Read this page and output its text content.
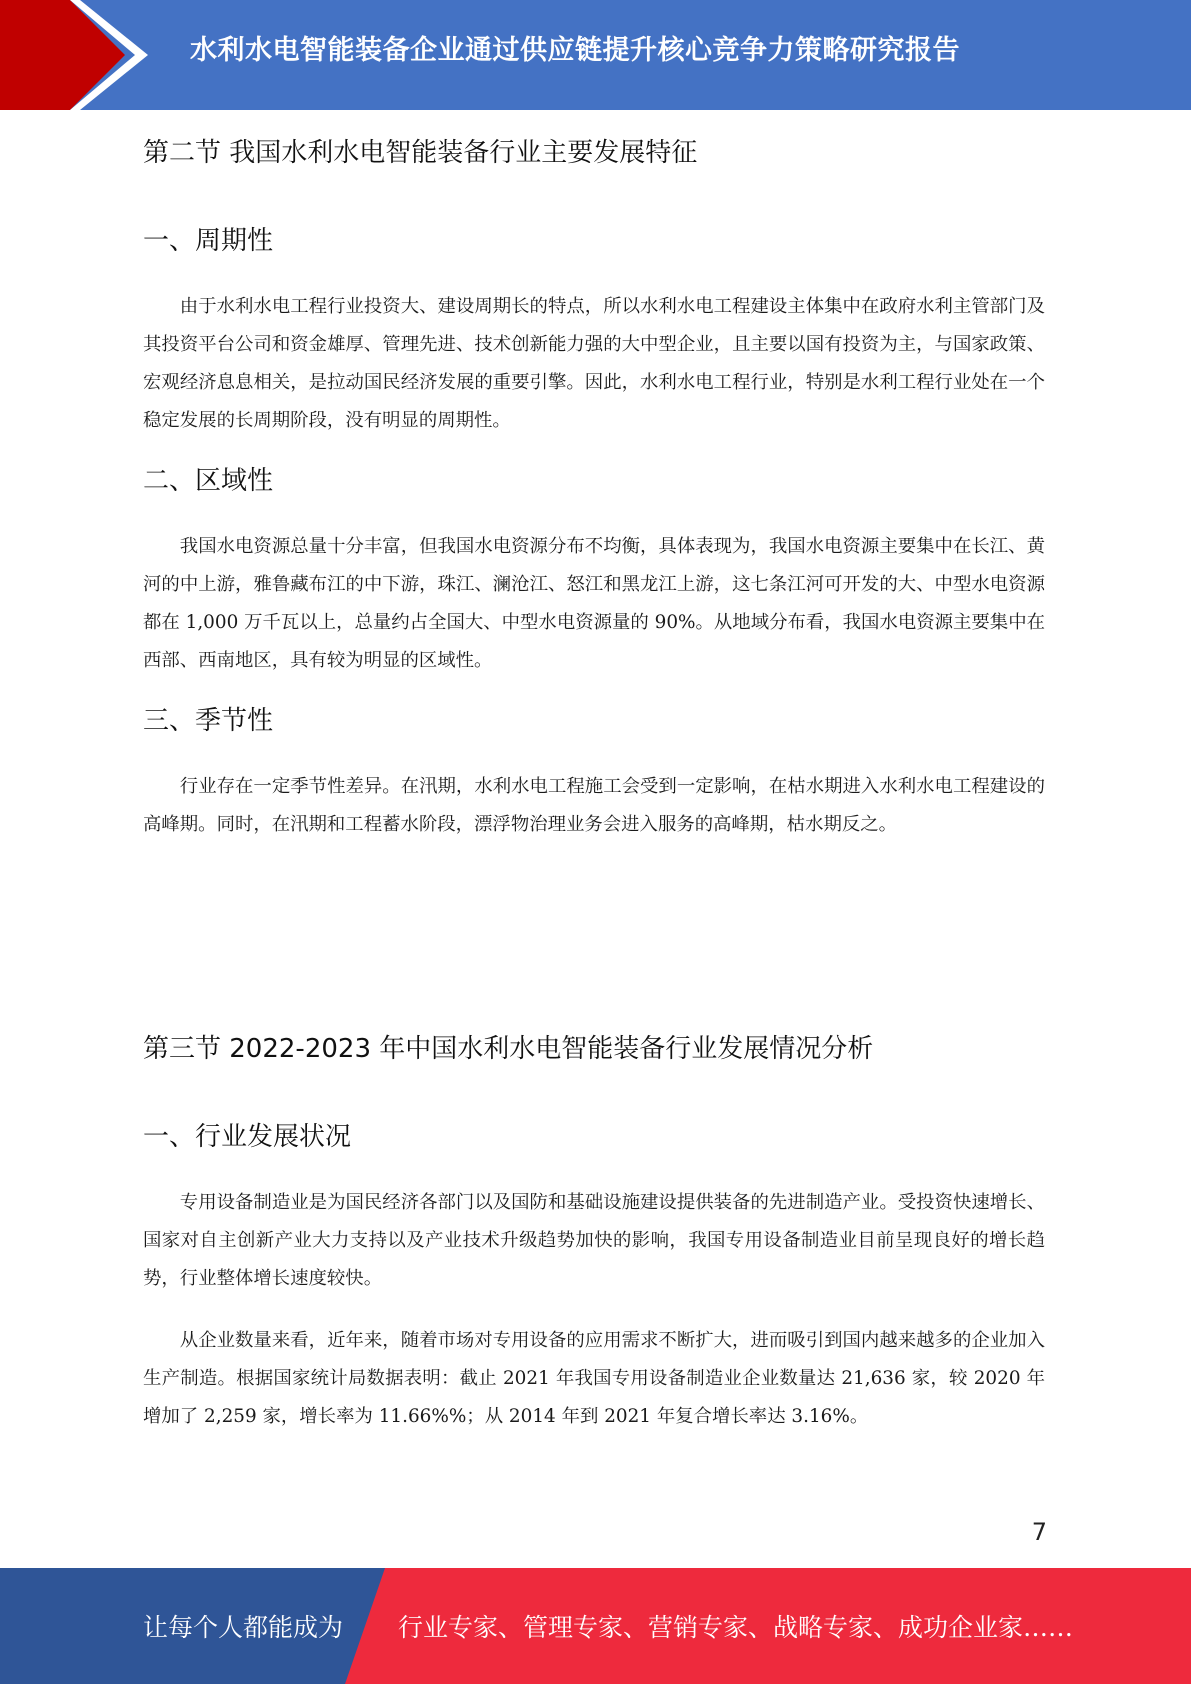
水利水电智能装备企业通过供应链提升核心竞争力策略研究报告
第二节 我国水利水电智能装备行业主要发展特征
一、周期性

由于水利水电工程行业投资大、建设周期长的特点，所以水利水电工程建设主体集中在政府水利主管部门及其投资平台公司和资金雄厚、管理先进、技术创新能力强的大中型企业，且主要以国有投资为主，与国家政策、宏观经济息息相关，是拉动国民经济发展的重要引擎。因此，水利水电工程行业，特别是水利工程行业处在一个稳定发展的长周期阶段，没有明显的周期性。

二、区域性

我国水电资源总量十分丰富，但我国水电资源分布不均衡，具体表现为，我国水电资源主要集中在长江、黄河的中上游，雅鲁藏布江的中下游，珠江、澜沧江、怒江和黑龙江上游，这七条江河可开发的大、中型水电资源都在 1,000 万千瓦以上，总量约占全国大、中型水电资源量的 90%。从地域分布看，我国水电资源主要集中在西部、西南地区，具有较为明显的区域性。

三、季节性

行业存在一定季节性差异。在汛期，水利水电工程施工会受到一定影响，在枯水期进入水利水电工程建设的高峰期。同时，在汛期和工程蓄水阶段，漂浮物治理业务会进入服务的高峰期，枯水期反之。

第三节 2022-2023 年中国水利水电智能装备行业发展情况分析
一、行业发展状况

专用设备制造业是为国民经济各部门以及国防和基础设施建设提供装备的先进制造产业。受投资快速增长、国家对自主创新产业大力支持以及产业技术升级趋势加快的影响，我国专用设备制造业目前呈现良好的增长趋势，行业整体增长速度较快。

从企业数量来看，近年来，随着市场对专用设备的应用需求不断扩大，进而吸引到国内越来越多的企业加入生产制造。根据国家统计局数据表明：截止 2021 年我国专用设备制造业企业数量达 21,636 家，较 2020 年增加了 2,259 家，增长率为 11.66%%；从 2014 年到 2021 年复合增长率达 3.16%。

7
让每个人都能成为 行业专家、管理专家、营销专家、战略专家、成功企业家……
